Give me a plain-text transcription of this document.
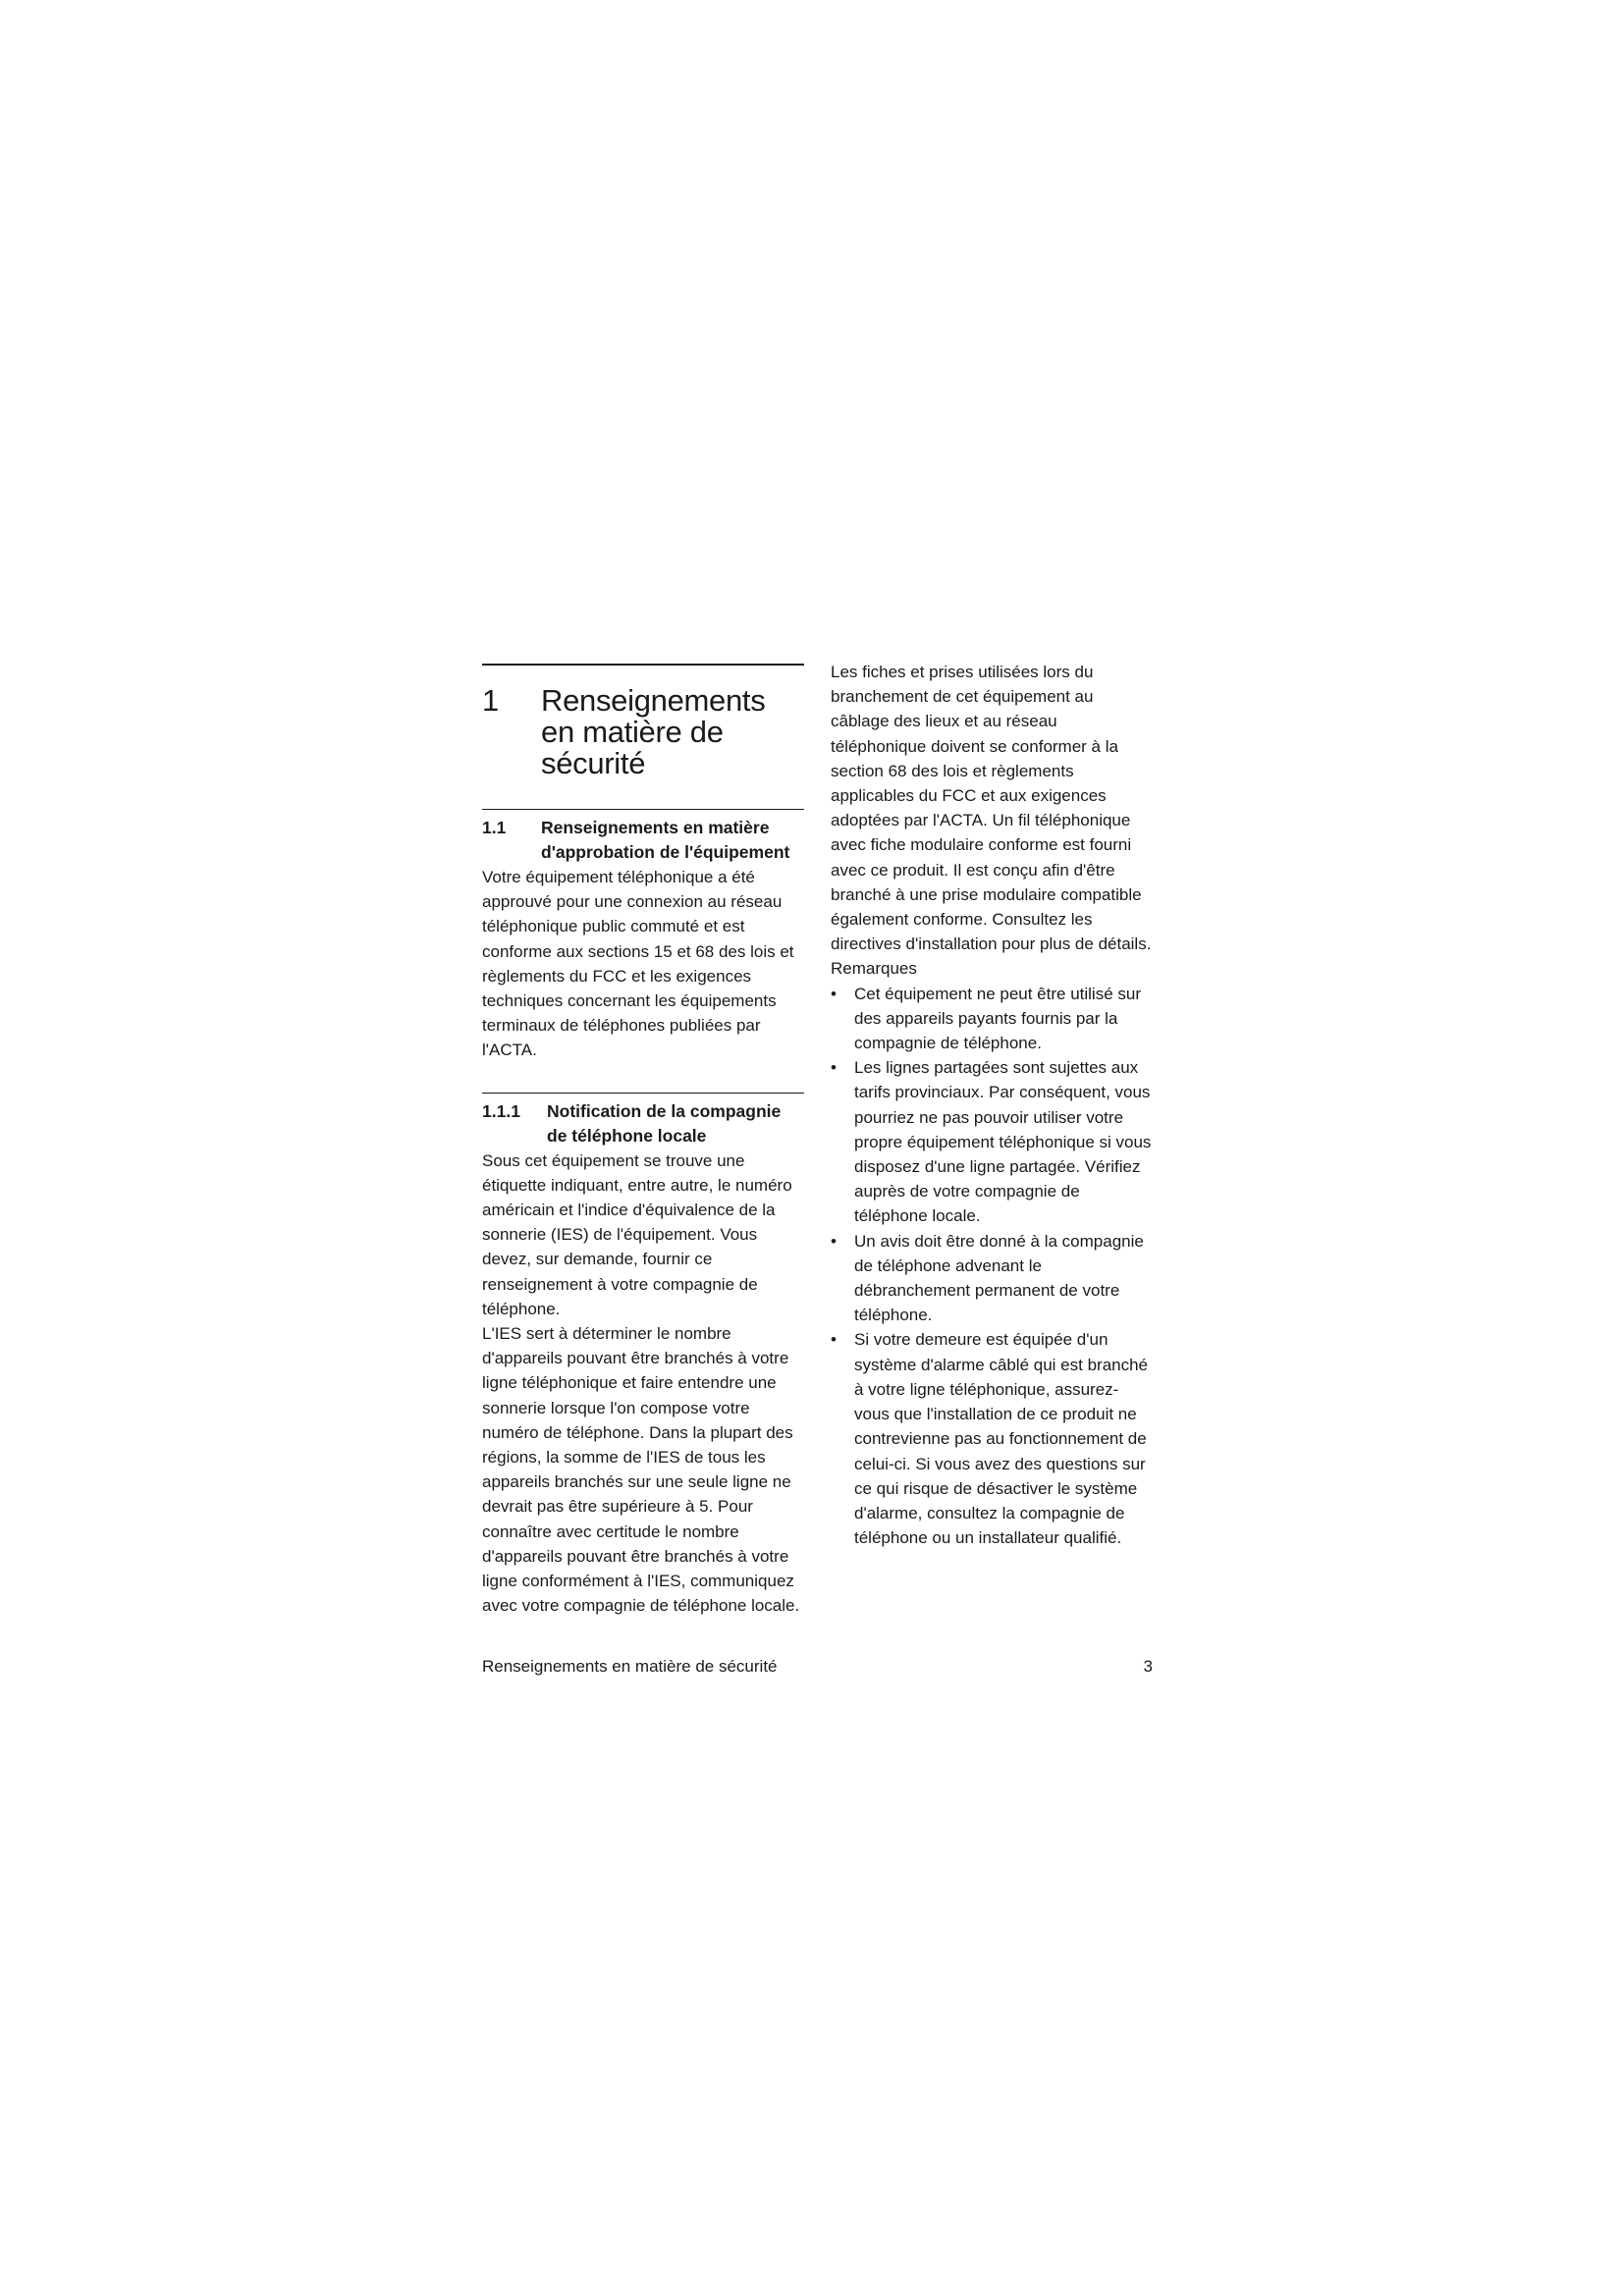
1	Renseignements en matière de sécurité
1.1	Renseignements en matière d'approbation de l'équipement

Votre équipement téléphonique a été approuvé pour une connexion au réseau téléphonique public commuté et est conforme aux sections 15 et 68 des lois et règlements du FCC et les exigences techniques concernant les équipements terminaux de téléphones publiées par l'ACTA.

1.1.1	Notification de la compagnie de téléphone locale

Sous cet équipement se trouve une étiquette indiquant, entre autre, le numéro américain et l'indice d'équivalence de la sonnerie (IES) de l'équipement. Vous devez, sur demande, fournir ce renseignement à votre compagnie de téléphone.

L'IES sert à déterminer le nombre d'appareils pouvant être branchés à votre ligne téléphonique et faire entendre une sonnerie lorsque l'on compose votre numéro de téléphone. Dans la plupart des régions, la somme de l'IES de tous les appareils branchés sur une seule ligne ne devrait pas être supérieure à 5. Pour connaître avec certitude le nombre d'appareils pouvant être branchés à votre ligne conformément à l'IES, communiquez avec votre compagnie de téléphone locale.

Les fiches et prises utilisées lors du branchement de cet équipement au câblage des lieux et au réseau téléphonique doivent se conformer à la section 68 des lois et règlements applicables du FCC et aux exigences adoptées par l'ACTA. Un fil téléphonique avec fiche modulaire conforme est fourni avec ce produit. Il est conçu afin d'être branché à une prise modulaire compatible également conforme. Consultez les directives d'installation pour plus de détails.

Remarques

•	Cet équipement ne peut être utilisé sur des appareils payants fournis par la compagnie de téléphone.
•	Les lignes partagées sont sujettes aux tarifs provinciaux. Par conséquent, vous pourriez ne pas pouvoir utiliser votre propre équipement téléphonique si vous disposez d'une ligne partagée. Vérifiez auprès de votre compagnie de téléphone locale.
•	Un avis doit être donné à la compagnie de téléphone advenant le débranchement permanent de votre téléphone.
•	Si votre demeure est équipée d'un système d'alarme câblé qui est branché à votre ligne téléphonique, assurez-vous que l'installation de ce produit ne contrevienne pas au fonctionnement de celui-ci. Si vous avez des questions sur ce qui risque de désactiver le système d'alarme, consultez la compagnie de téléphone ou un installateur qualifié.
Renseignements en matière de sécurité	3
